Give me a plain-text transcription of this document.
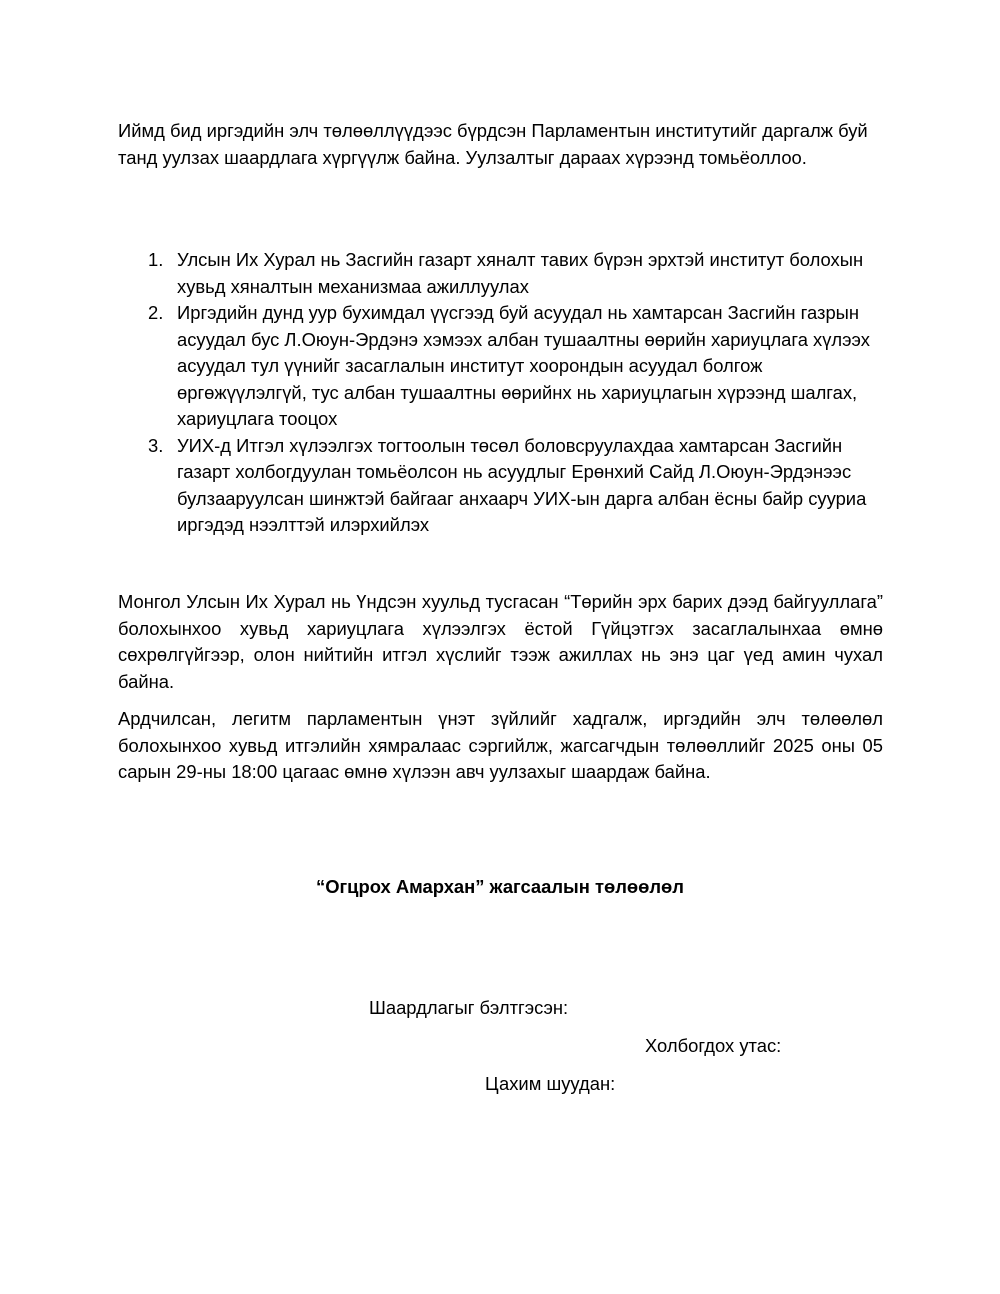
Иймд бид иргэдийн элч төлөөллүүдээс бүрдсэн Парламентын институтийг даргалж буй танд уулзах шаардлага хүргүүлж байна. Уулзалтыг дараах хүрээнд томьёоллоо.

1. Улсын Их Хурал нь Засгийн газарт хяналт тавих бүрэн эрхтэй институт болохын хувьд хяналтын механизмаа ажиллуулах
2. Иргэдийн дунд уур бухимдал үүсгээд буй асуудал нь хамтарсан Засгийн газрын асуудал бус Л.Оюун-Эрдэнэ хэмээх албан тушаалтны өөрийн хариуцлага хүлээх асуудал тул үүнийг засаглалын институт хоорондын асуудал болгож өргөжүүлэлгүй, тус албан тушаалтны өөрийнх нь хариуцлагын хүрээнд шалгах, хариуцлага тооцох
3. УИХ-д Итгэл хүлээлгэх тогтоолын төсөл боловсруулахдаа хамтарсан Засгийн газарт холбогдуулан томьёолсон нь асуудлыг Ерөнхий Сайд Л.Оюун-Эрдэнээс булзааруулсан шинжтэй байгааг анхаарч УИХ-ын дарга албан ёсны байр сууриа иргэдэд нээлттэй илэрхийлэх

Монгол Улсын Их Хурал нь Үндсэн хуульд тусгасан “Төрийн эрх барих дээд байгууллага” болохынхоо хувьд хариуцлага хүлээлгэх ёстой Гүйцэтгэх засаглалынхаа өмнө сөхрөлгүйгээр, олон нийтийн итгэл хүслийг тээж ажиллах нь энэ цаг үед амин чухал байна.

Ардчилсан, легитм парламентын үнэт зүйлийг хадгалж, иргэдийн элч төлөөлөл болохынхоо хувьд итгэлийн хямралаас сэргийлж, жагсагчдын төлөөллийг 2025 оны 05 сарын 29-ны 18:00 цагаас өмнө хүлээн авч уулзахыг шаардаж байна.

“Огцрох Амархан” жагсаалын төлөөлөл

Шаардлагыг бэлтгэсэн:

Холбогдох утас:

Цахим шуудан:
